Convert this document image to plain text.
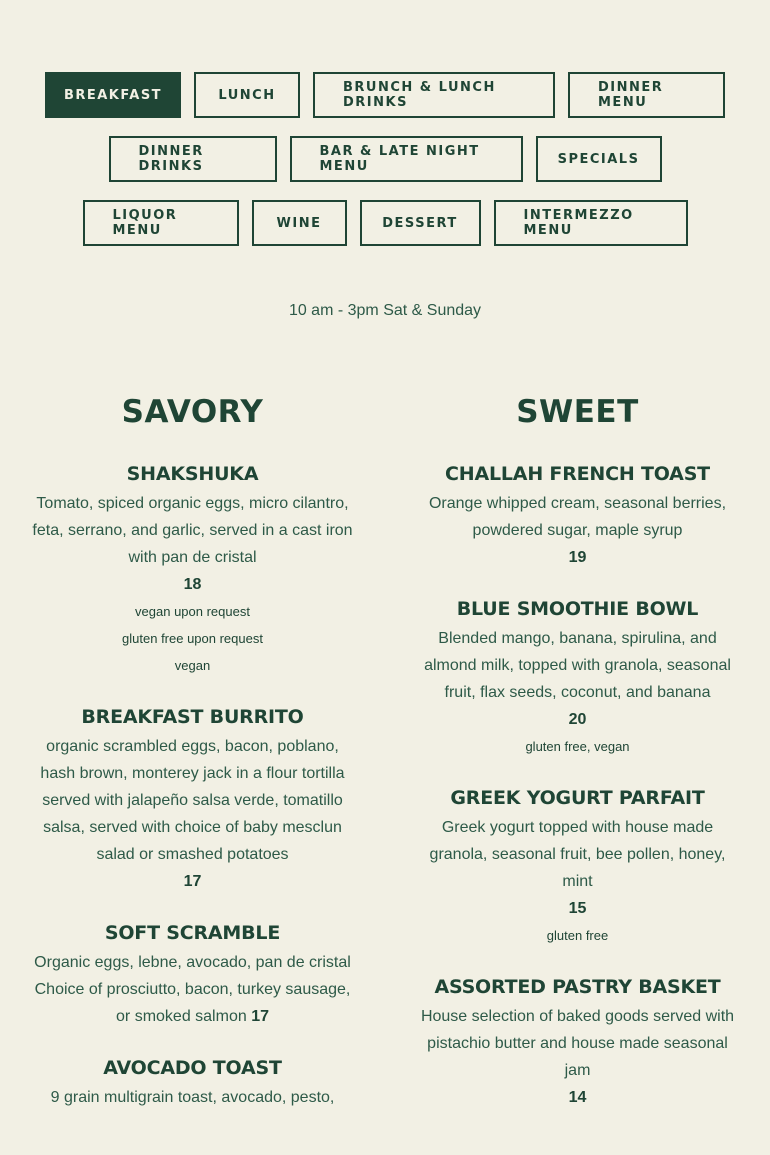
BREAKFAST	LUNCH	BRUNCH & LUNCH DRINKS
DINNER MENU
DINNER DRINKS
BAR & LATE NIGHT MENU	SPECIALS
LIQUOR MENU	WINE	DESSERT	INTERMEZZO MENU
10 am - 3pm Sat & Sunday
SAVORY
SHAKSHUKA
Tomato, spiced organic eggs, micro cilantro, feta, serrano, and garlic, served in a cast iron with pan de cristal
18
vegan upon request
gluten free upon request
vegan
BREAKFAST BURRITO
organic scrambled eggs, bacon, poblano, hash brown, monterey jack in a flour tortilla served with jalapeño salsa verde, tomatillo salsa, served with choice of baby mesclun salad or smashed potatoes
17
SOFT SCRAMBLE
Organic eggs, lebne, avocado, pan de cristal
Choice of prosciutto, bacon, turkey sausage, or smoked salmon 17
AVOCADO TOAST
9 grain multigrain toast, avocado, pesto,
SWEET
CHALLAH FRENCH TOAST
Orange whipped cream, seasonal berries, powdered sugar, maple syrup
19
BLUE SMOOTHIE BOWL
Blended mango, banana, spirulina, and almond milk, topped with granola, seasonal fruit, flax seeds, coconut, and banana
20
gluten free, vegan
GREEK YOGURT PARFAIT
Greek yogurt topped with house made granola, seasonal fruit, bee pollen, honey, mint
15
gluten free
ASSORTED PASTRY BASKET
House selection of baked goods served with pistachio butter and house made seasonal jam
14
